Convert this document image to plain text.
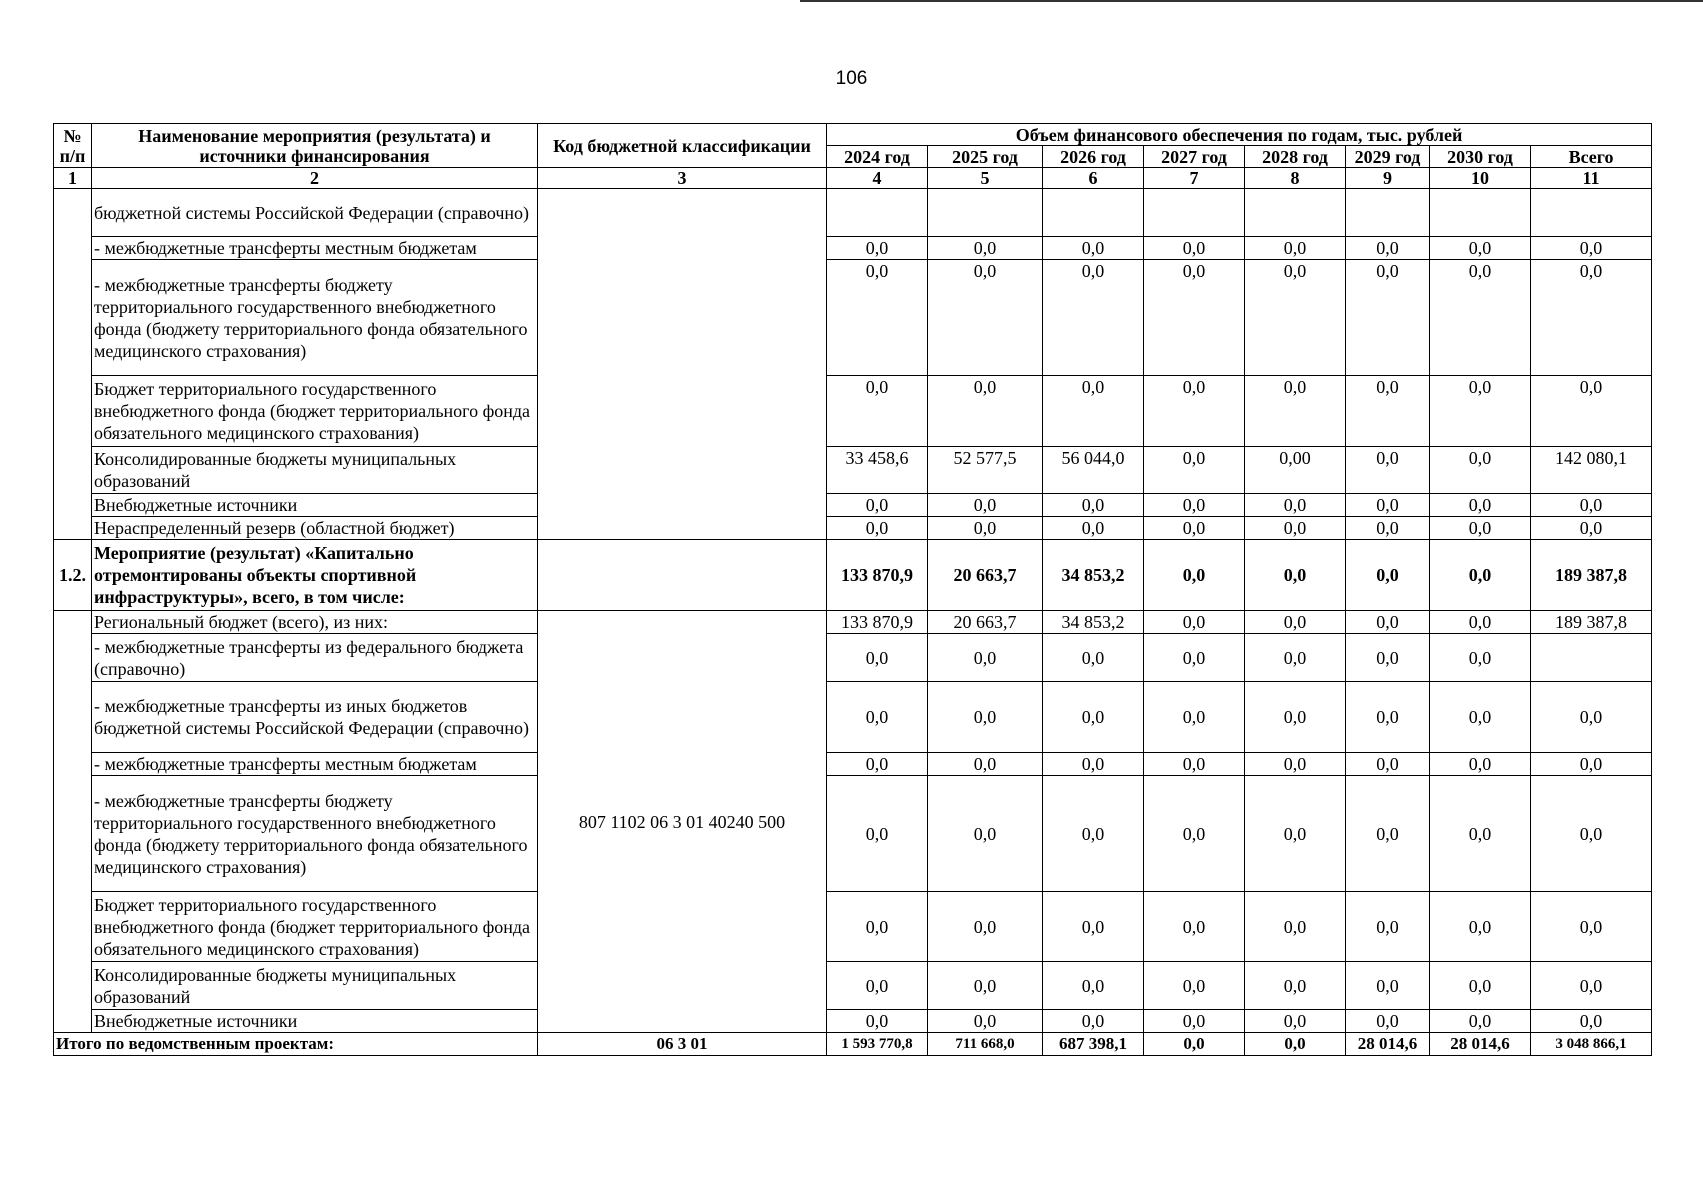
106
№ п/п	Наименование мероприятия (результата) и источники финансирования	Код бюджетной классификации	Объем финансового обеспечения по годам, тыс. рублей							
			2024 год	2025 год	2026 год	2027 год	2028 год	2029 год	2030 год	Всего
1	2	3	4	5	6	7	8	9	10	11
	бюджетной системы Российской Федерации (справочно)									
	- межбюджетные трансферты местным бюджетам		0,0	0,0	0,0	0,0	0,0	0,0	0,0	0,0
	- межбюджетные трансферты бюджету территориального государственного внебюджетного фонда (бюджету территориального фонда обязательного медицинского страхования)		0,0	0,0	0,0	0,0	0,0	0,0	0,0	0,0
	Бюджет территориального государственного внебюджетного фонда (бюджет территориального фонда обязательного медицинского страхования)		0,0	0,0	0,0	0,0	0,0	0,0	0,0	0,0
	Консолидированные бюджеты муниципальных образований		33 458,6	52 577,5	56 044,0	0,0	0,00	0,0	0,0	142 080,1
	Внебюджетные источники		0,0	0,0	0,0	0,0	0,0	0,0	0,0	0,0
	Нераспределенный резерв (областной бюджет)		0,0	0,0	0,0	0,0	0,0	0,0	0,0	0,0
1.2.	Мероприятие (результат) «Капитально отремонтированы объекты спортивной инфраструктуры», всего, в том числе:		133 870,9	20 663,7	34 853,2	0,0	0,0	0,0	0,0	189 387,8
	Региональный бюджет (всего), из них:	807 1102 06 3 01 40240 500	133 870,9	20 663,7	34 853,2	0,0	0,0	0,0	0,0	189 387,8
	- межбюджетные трансферты из федерального бюджета (справочно)		0,0	0,0	0,0	0,0	0,0	0,0	0,0	
	- межбюджетные трансферты из иных бюджетов бюджетной системы Российской Федерации (справочно)		0,0	0,0	0,0	0,0	0,0	0,0	0,0	0,0
	- межбюджетные трансферты местным бюджетам		0,0	0,0	0,0	0,0	0,0	0,0	0,0	0,0
	- межбюджетные трансферты бюджету территориального государственного внебюджетного фонда (бюджету территориального фонда обязательного медицинского страхования)		0,0	0,0	0,0	0,0	0,0	0,0	0,0	0,0
	Бюджет территориального государственного внебюджетного фонда (бюджет территориального фонда обязательного медицинского страхования)		0,0	0,0	0,0	0,0	0,0	0,0	0,0	0,0
	Консолидированные бюджеты муниципальных образований		0,0	0,0	0,0	0,0	0,0	0,0	0,0	0,0
	Внебюджетные источники		0,0	0,0	0,0	0,0	0,0	0,0	0,0	0,0
Итого по ведомственным проектам:		06 3 01	1 593 770,8	711 668,0	687 398,1	0,0	0,0	28 014,6	28 014,6	3 048 866,1
